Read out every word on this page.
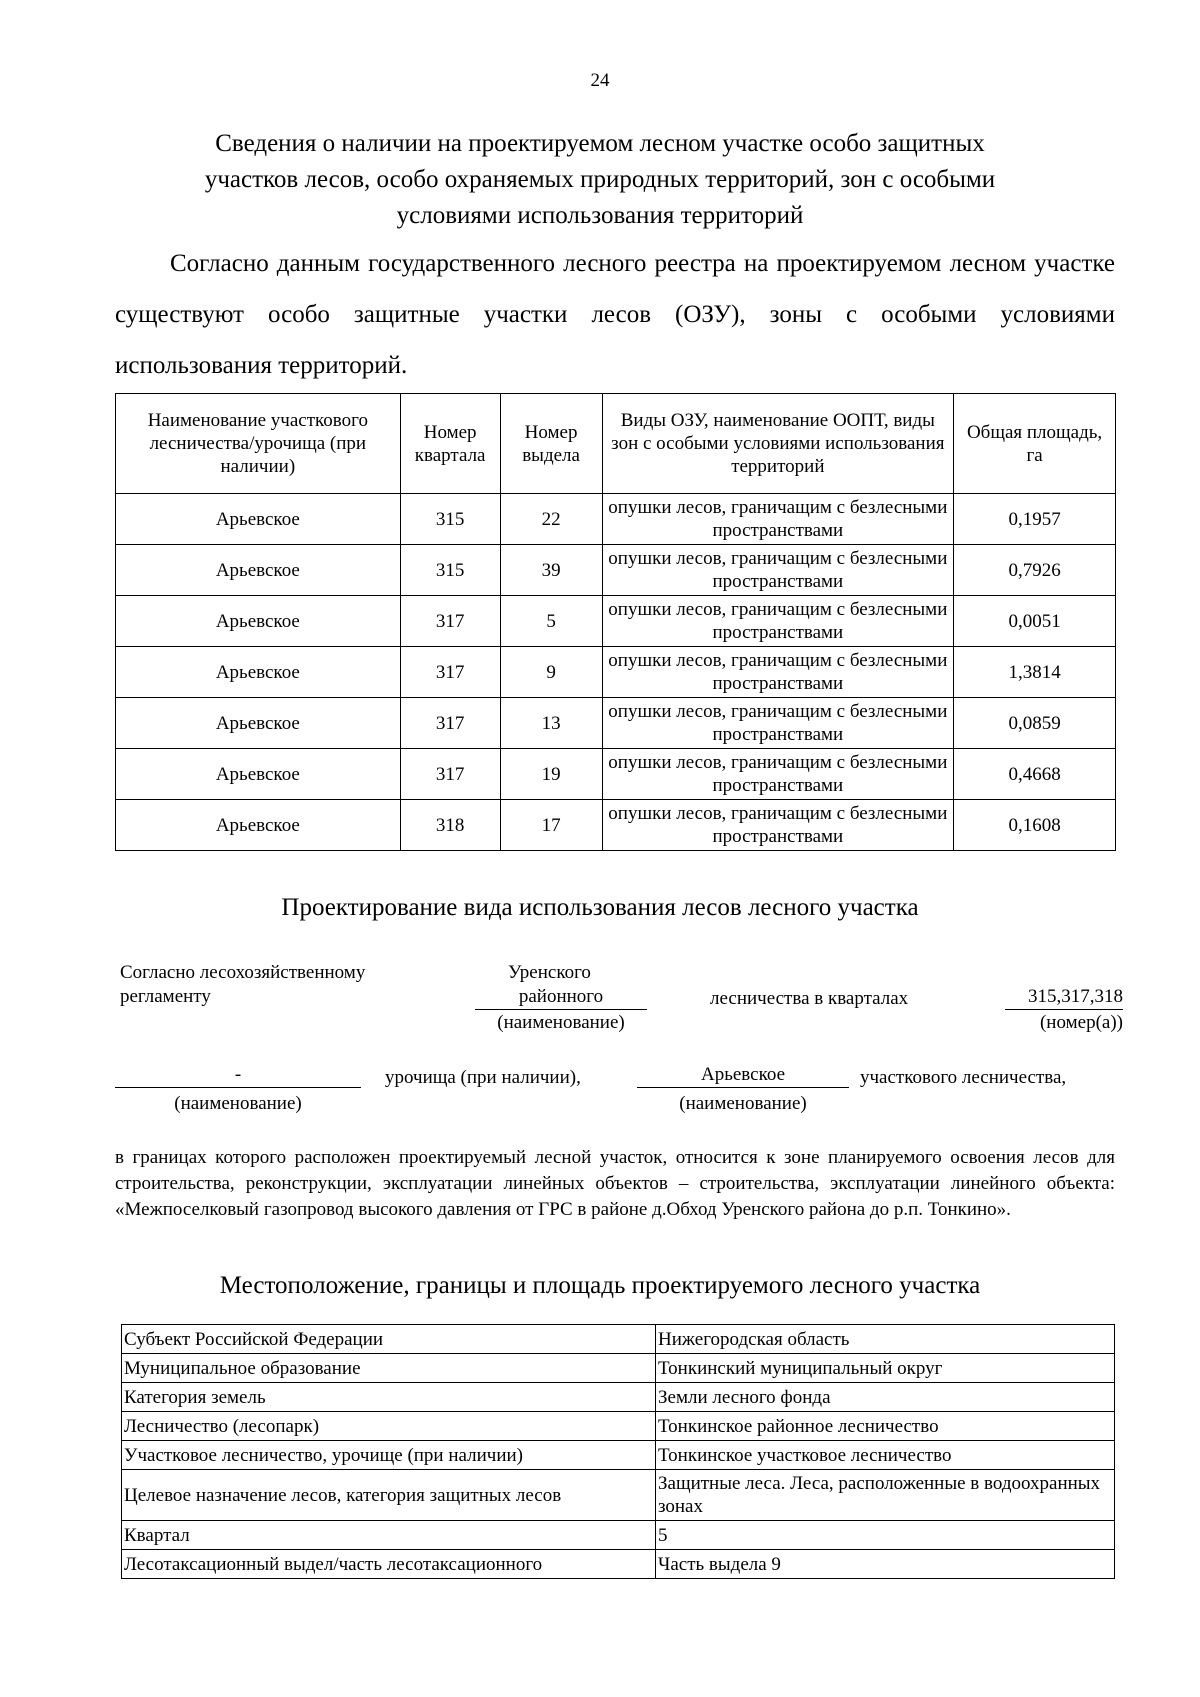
24
Сведения о наличии на проектируемом лесном участке особо защитных
участков лесов, особо охраняемых природных территорий, зон с особыми
условиями использования территорий

Согласно данным государственного лесного реестра на проектируемом лесном участке существуют особо защитные участки лесов (ОЗУ), зоны с особыми условиями использования территорий.

Наименование участкового лесничества/урочища (при наличии)	Номер квартала	Номер выдела	Виды ОЗУ, наименование ООПТ, виды зон с особыми условиями использования территорий	Общая площадь, га
Арьевское	315	22	опушки лесов, граничащим с безлесными пространствами	0,1957
Арьевское	315	39	опушки лесов, граничащим с безлесными пространствами	0,7926
Арьевское	317	5	опушки лесов, граничащим с безлесными пространствами	0,0051
Арьевское	317	9	опушки лесов, граничащим с безлесными пространствами	1,3814
Арьевское	317	13	опушки лесов, граничащим с безлесными пространствами	0,0859
Арьевское	317	19	опушки лесов, граничащим с безлесными пространствами	0,4668
Арьевское	318	17	опушки лесов, граничащим с безлесными пространствами	0,1608
Проектирование вида использования лесов лесного участка
Согласно лесохозяйственному
регламенту
Уренского
районного
(наименование)
лесничества в кварталах	315,317,318
(номер(а))
-
(наименование)
урочища (при наличии),	Арьевское
(наименование)
участкового лесничества,
в границах которого расположен проектируемый лесной участок, относится к зоне планируемого освоения лесов для строительства, реконструкции, эксплуатации линейных объектов – строительства, эксплуатации линейного объекта: «Межпоселковый газопровод высокого давления от ГРС в районе д.Обход Уренского района до р.п. Тонкино».
Местоположение, границы и площадь проектируемого лесного участка
Субъект Российской Федерации	Нижегородская область
Муниципальное образование	Тонкинский муниципальный округ
Категория земель	Земли лесного фонда
Лесничество (лесопарк)	Тонкинское районное лесничество
Участковое лесничество, урочище (при наличии)	Тонкинское участковое лесничество
Целевое назначение лесов, категория защитных лесов	Защитные леса. Леса, расположенные в водоохранных зонах
Квартал	5
Лесотаксационный выдел/часть лесотаксационного	Часть выдела 9
